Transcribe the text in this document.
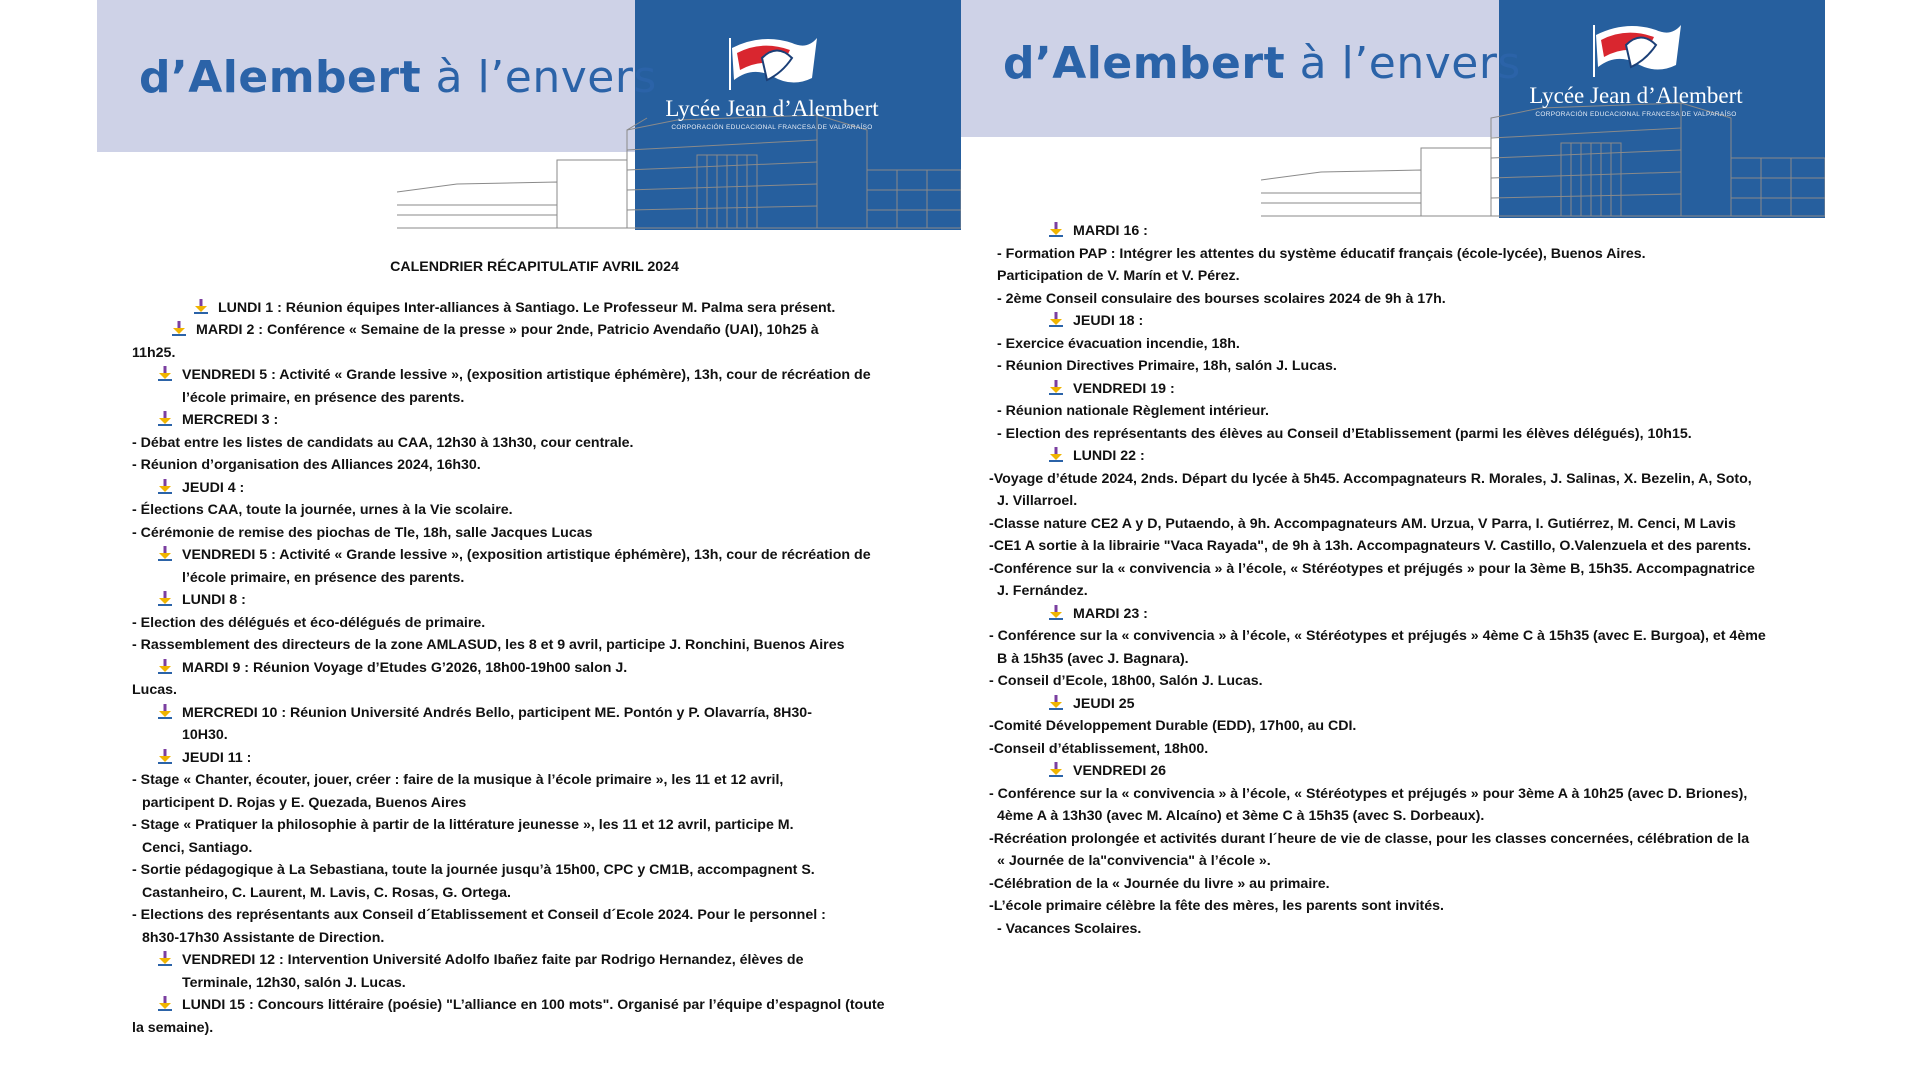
d’Alembert à l’envers
Lycée Jean d’Alembert
CORPORACIÓN EDUCACIONAL FRANCESA DE VALPARAÍSO
CALENDRIER RÉCAPITULATIF AVRIL 2024
LUNDI 1 : Réunion équipes Inter-alliances à Santiago. Le Professeur M. Palma sera présent.
MARDI 2 : Conférence « Semaine de la presse » pour 2nde, Patricio Avendaño (UAI), 10h25 à
11h25.
VENDREDI 5 : Activité « Grande lessive », (exposition artistique éphémère), 13h, cour de récréation de
l’école primaire, en présence des parents.
MERCREDI 3 :
- Débat entre les listes de candidats au CAA, 12h30 à 13h30, cour centrale.
- Réunion d’organisation des Alliances 2024, 16h30.
JEUDI 4 :
- Élections CAA, toute la journée, urnes à la Vie scolaire.
- Cérémonie de remise des piochas de Tle, 18h, salle Jacques Lucas
VENDREDI 5 : Activité « Grande lessive », (exposition artistique éphémère), 13h, cour de récréation de
l’école primaire, en présence des parents.
LUNDI 8 :
- Election des délégués et éco-délégués de primaire.
- Rassemblement des directeurs de la zone AMLASUD, les 8 et 9 avril, participe J. Ronchini, Buenos Aires
MARDI 9 : Réunion Voyage d’Etudes G’2026, 18h00-19h00 salon J.
Lucas.
MERCREDI 10 : Réunion Université Andrés Bello, participent ME. Pontón y P. Olavarría, 8H30-
10H30.
JEUDI 11 :
- Stage « Chanter, écouter, jouer, créer : faire de la musique à l’école primaire », les 11 et 12 avril,
participent D. Rojas y E. Quezada, Buenos Aires
- Stage « Pratiquer la philosophie à partir de la littérature jeunesse », les 11 et 12 avril, participe M.
Cenci, Santiago.
- Sortie pédagogique à La Sebastiana, toute la journée jusqu’à 15h00, CPC y CM1B, accompagnent S.
Castanheiro, C. Laurent, M. Lavis, C. Rosas, G. Ortega.
- Elections des représentants aux Conseil d´Etablissement et Conseil d´Ecole 2024. Pour le personnel :
8h30-17h30 Assistante de Direction.
VENDREDI 12 : Intervention Université Adolfo Ibañez faite par Rodrigo Hernandez, élèves de
Terminale, 12h30, salón J. Lucas.
LUNDI 15 : Concours littéraire (poésie) "L’alliance en 100 mots". Organisé par l’équipe d’espagnol (toute
la semaine).
d’Alembert à l’envers
Lycée Jean d’Alembert
CORPORACIÓN EDUCACIONAL FRANCESA DE VALPARAÍSO
MARDI 16 :
- Formation PAP : Intégrer les attentes du système éducatif français (école-lycée), Buenos Aires.
Participation de V. Marín et V. Pérez.
- 2ème Conseil consulaire des bourses scolaires 2024 de 9h à 17h.
JEUDI 18 :
- Exercice évacuation incendie, 18h.
- Réunion Directives Primaire, 18h, salón J. Lucas.
VENDREDI 19 :
- Réunion nationale Règlement intérieur.
- Election des représentants des élèves au Conseil d’Etablissement (parmi les élèves délégués), 10h15.
LUNDI 22 :
-Voyage d’étude 2024, 2nds. Départ du lycée à 5h45. Accompagnateurs R. Morales, J. Salinas, X. Bezelin, A, Soto,
J. Villarroel.
-Classe nature CE2 A y D, Putaendo, à 9h. Accompagnateurs AM. Urzua, V Parra, I. Gutiérrez, M. Cenci, M Lavis
-CE1 A sortie à la librairie "Vaca Rayada", de 9h à 13h. Accompagnateurs V. Castillo, O.Valenzuela et des parents.
-Conférence sur la « convivencia » à l’école, « Stéréotypes et préjugés » pour la 3ème B, 15h35. Accompagnatrice
J. Fernández.
MARDI 23 :
- Conférence sur la « convivencia » à l’école, « Stéréotypes et préjugés » 4ème C à 15h35 (avec E. Burgoa), et 4ème
B à 15h35 (avec J. Bagnara).
- Conseil d’Ecole, 18h00, Salón J. Lucas.
JEUDI 25
-Comité Développement Durable (EDD), 17h00, au CDI.
-Conseil d’établissement, 18h00.
VENDREDI 26
- Conférence sur la « convivencia » à l’école, « Stéréotypes et préjugés » pour 3ème A à 10h25 (avec D. Briones),
4ème A à 13h30 (avec M. Alcaíno) et 3ème C à 15h35 (avec S. Dorbeaux).
-Récréation prolongée et activités durant l´heure de vie de classe, pour les classes concernées, célébration de la
« Journée de la"convivencia" à l’école ».
-Célébration de la « Journée du livre » au primaire.
-L’école primaire célèbre la fête des mères, les parents sont invités.
- Vacances Scolaires.
